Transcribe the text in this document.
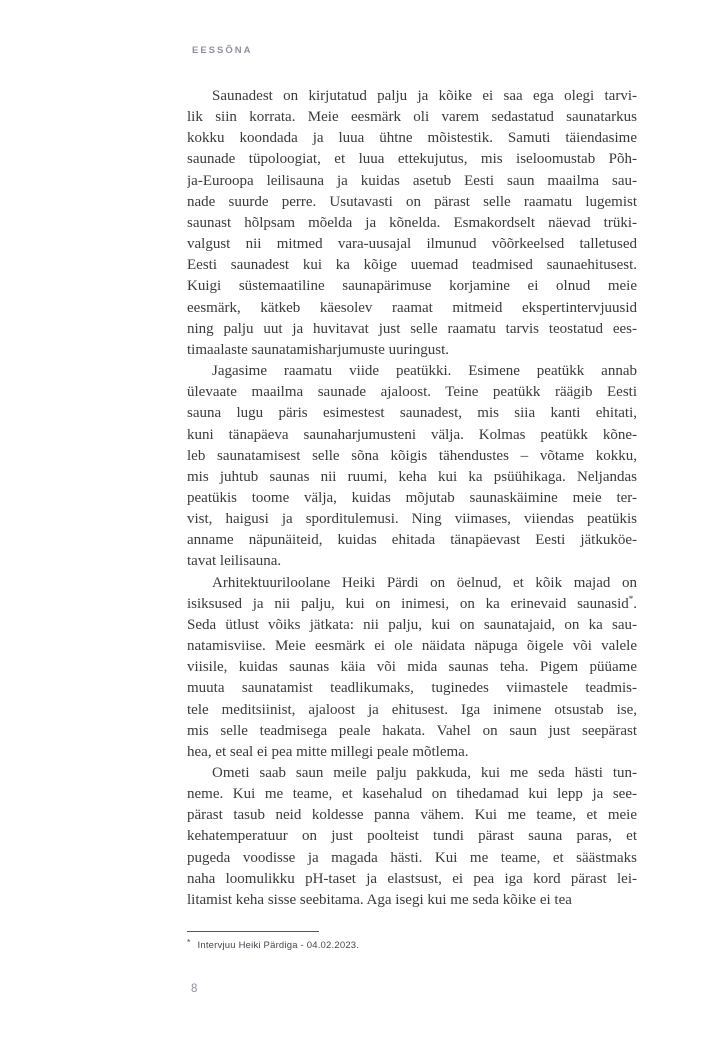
EESSÕNA
Saunadest on kirjutatud palju ja kõike ei saa ega olegi tarvi-
lik siin korrata. Meie eesmärk oli varem sedastatud saunatarkus
kokku koondada ja luua ühtne mõistestik. Samuti täiendasime
saunade tüpoloogiat, et luua ettekujutus, mis iseloomustab Põh-
ja-Euroopa leilisauna ja kuidas asetub Eesti saun maailma sau-
nade suurde perre. Usutavasti on pärast selle raamatu lugemist
saunast hõlpsam mõelda ja kõnelda. Esmakordselt näevad trüki-
valgust nii mitmed vara-uusajal ilmunud võõrkeelsed talletused
Eesti saunadest kui ka kõige uuemad teadmised saunaehitusest.
Kuigi süstemaatiline saunapärimuse korjamine ei olnud meie
eesmärk, kätkeb käesolev raamat mitmeid ekspertintervjuusid
ning palju uut ja huvitavat just selle raamatu tarvis teostatud ees-
timaalaste saunatamisharjumuste uuringust.
Jagasime raamatu viide peatükki. Esimene peatükk annab
ülevaate maailma saunade ajaloost. Teine peatükk räägib Eesti
sauna lugu päris esimestest saunadest, mis siia kanti ehitati,
kuni tänapäeva saunaharjumusteni välja. Kolmas peatükk kõne-
leb saunatamisest selle sõna kõigis tähendustes – võtame kokku,
mis juhtub saunas nii ruumi, keha kui ka psüühikaga. Neljandas
peatükis toome välja, kuidas mõjutab saunaskäimine meie ter-
vist, haigusi ja sporditulemusi. Ning viimases, viiendas peatükis
anname näpunäiteid, kuidas ehitada tänapäevast Eesti jätkuköe-
tavat leilisauna.
Arhitektuuriloolane Heiki Pärdi on öelnud, et kõik majad on
isiksused ja nii palju, kui on inimesi, on ka erinevaid saunasid*.
Seda ütlust võiks jätkata: nii palju, kui on saunatajaid, on ka sau-
natamisviise. Meie eesmärk ei ole näidata näpuga õigele või valele
viisile, kuidas saunas käia või mida saunas teha. Pigem püüame
muuta saunatamist teadlikumaks, tuginedes viimastele teadmis-
tele meditsiinist, ajaloost ja ehitusest. Iga inimene otsustab ise,
mis selle teadmisega peale hakata. Vahel on saun just seepärast
hea, et seal ei pea mitte millegi peale mõtlema.
Ometi saab saun meile palju pakkuda, kui me seda hästi tun-
neme. Kui me teame, et kasehalud on tihedamad kui lepp ja see-
pärast tasub neid koldesse panna vähem. Kui me teame, et meie
kehatemperatuur on just poolteist tundi pärast sauna paras, et
pugeda voodisse ja magada hästi. Kui me teame, et säästmaks
naha loomulikku pH-taset ja elastsust, ei pea iga kord pärast lei-
litamist keha sisse seebitama. Aga isegi kui me seda kõike ei tea
* Intervjuu Heiki Pärdiga - 04.02.2023.
8
